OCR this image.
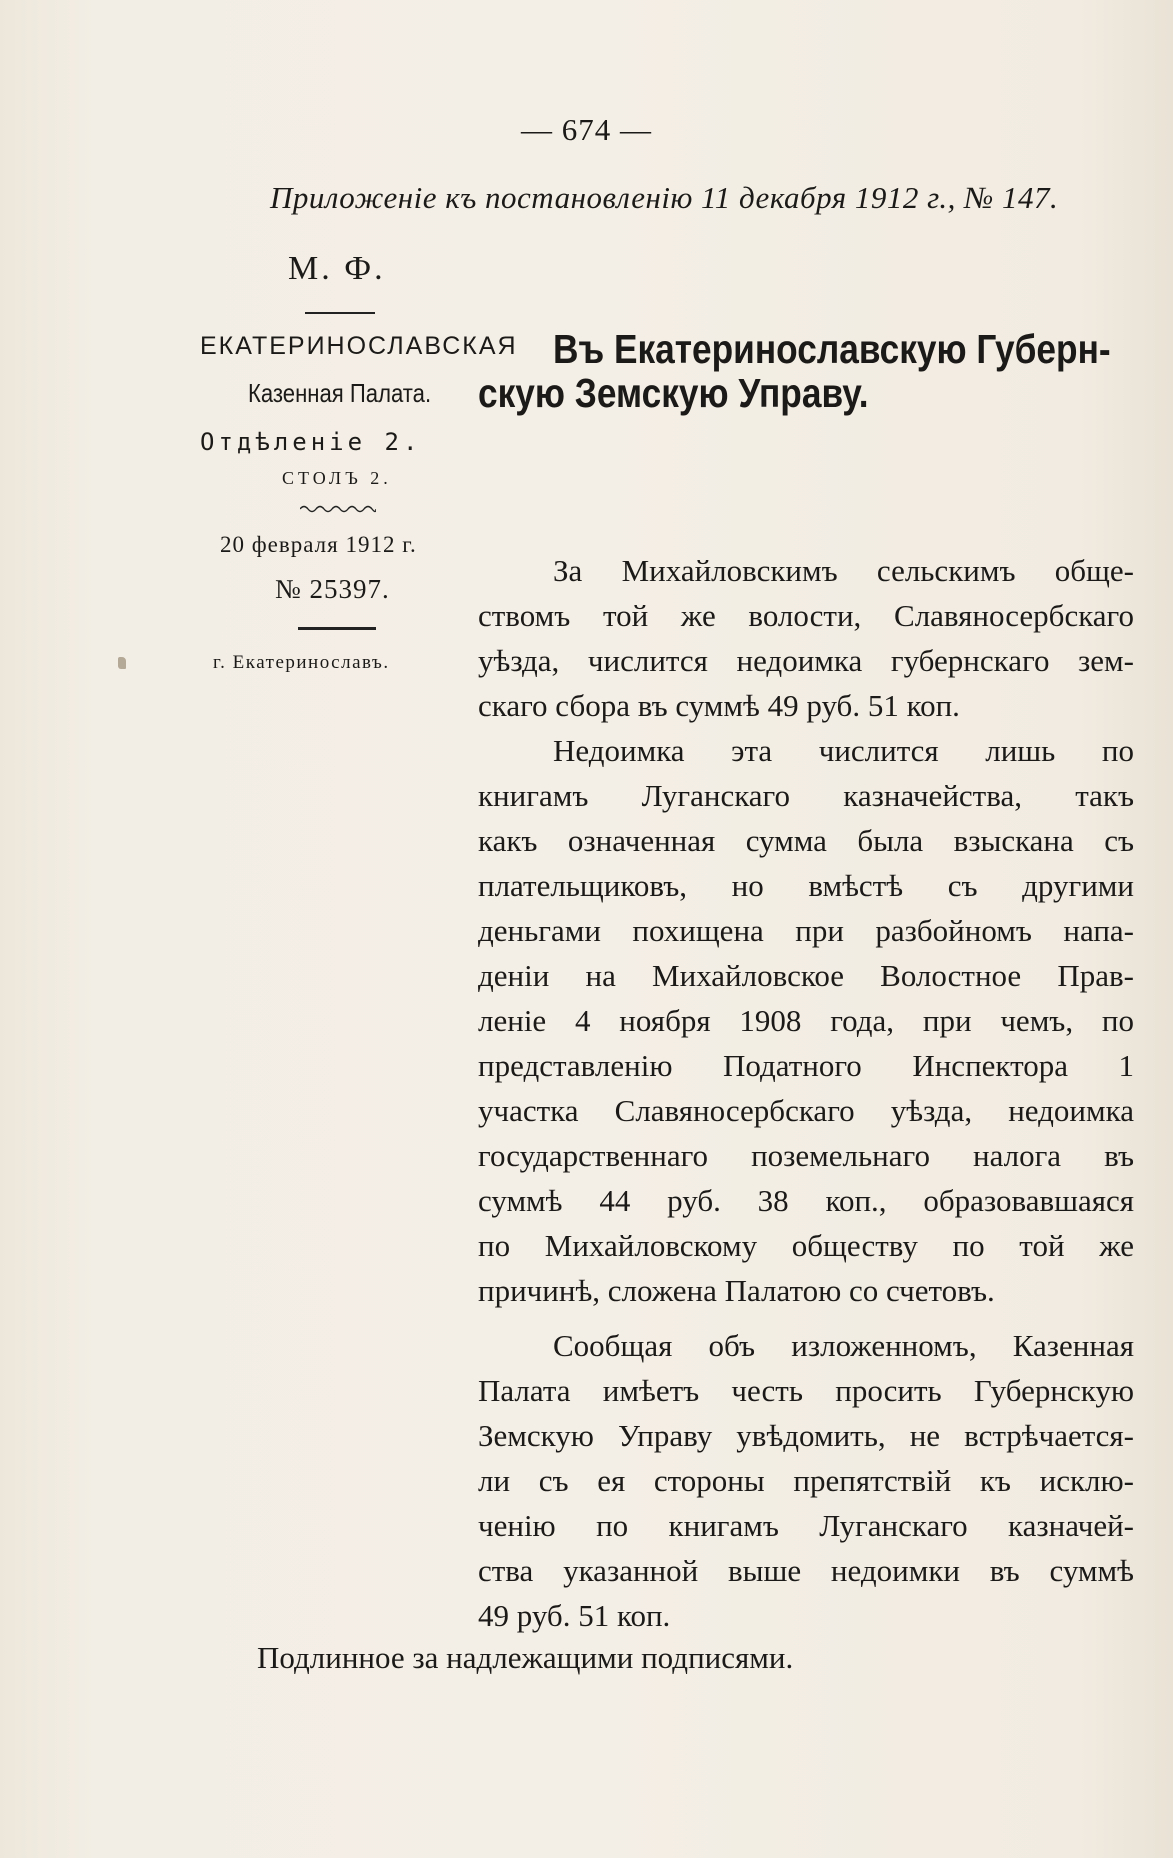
— 674 —
Приложенiе къ постановленiю 11 декабря 1912 г., № 147.
М. Ф.
ЕКАТЕРИНОСЛАВСКАЯ
Казенная Палата.
Отдѣленiе 2.
СТОЛЪ 2.
20 февраля 1912 г.
№ 25397.
г. Екатеринославъ.
Въ Екатеринославскую Губерн-
скую Земскую Управу.
За Михайловскимъ сельскимъ обще-
ствомъ той же волости, Славяносербскаго
уѣзда, числится недоимка губернскаго зем-
скаго сбора въ суммѣ 49 руб. 51 коп.
Недоимка эта числится лишь по
книгамъ Луганскаго казначейства, такъ
какъ означенная сумма была взыскана съ
плательщиковъ, но вмѣстѣ съ другими
деньгами похищена при разбойномъ напа-
денiи на Михайловское Волостное Прав-
ленiе 4 ноября 1908 года, при чемъ, по
представленiю Податного Инспектора 1
участка Славяносербскаго уѣзда, недоимка
государственнаго поземельнаго налога въ
суммѣ 44 руб. 38 коп., образовавшаяся
по Михайловскому обществу по той же
причинѣ, сложена Палатою со счетовъ.
Сообщая объ изложенномъ, Казенная
Палата имѣетъ честь просить Губернскую
Земскую Управу увѣдомить, не встрѣчается-
ли съ ея стороны препятствiй къ исклю-
ченiю по книгамъ Луганскаго казначей-
ства указанной выше недоимки въ суммѣ
49 руб. 51 коп.
Подлинное за надлежащими подписями.
